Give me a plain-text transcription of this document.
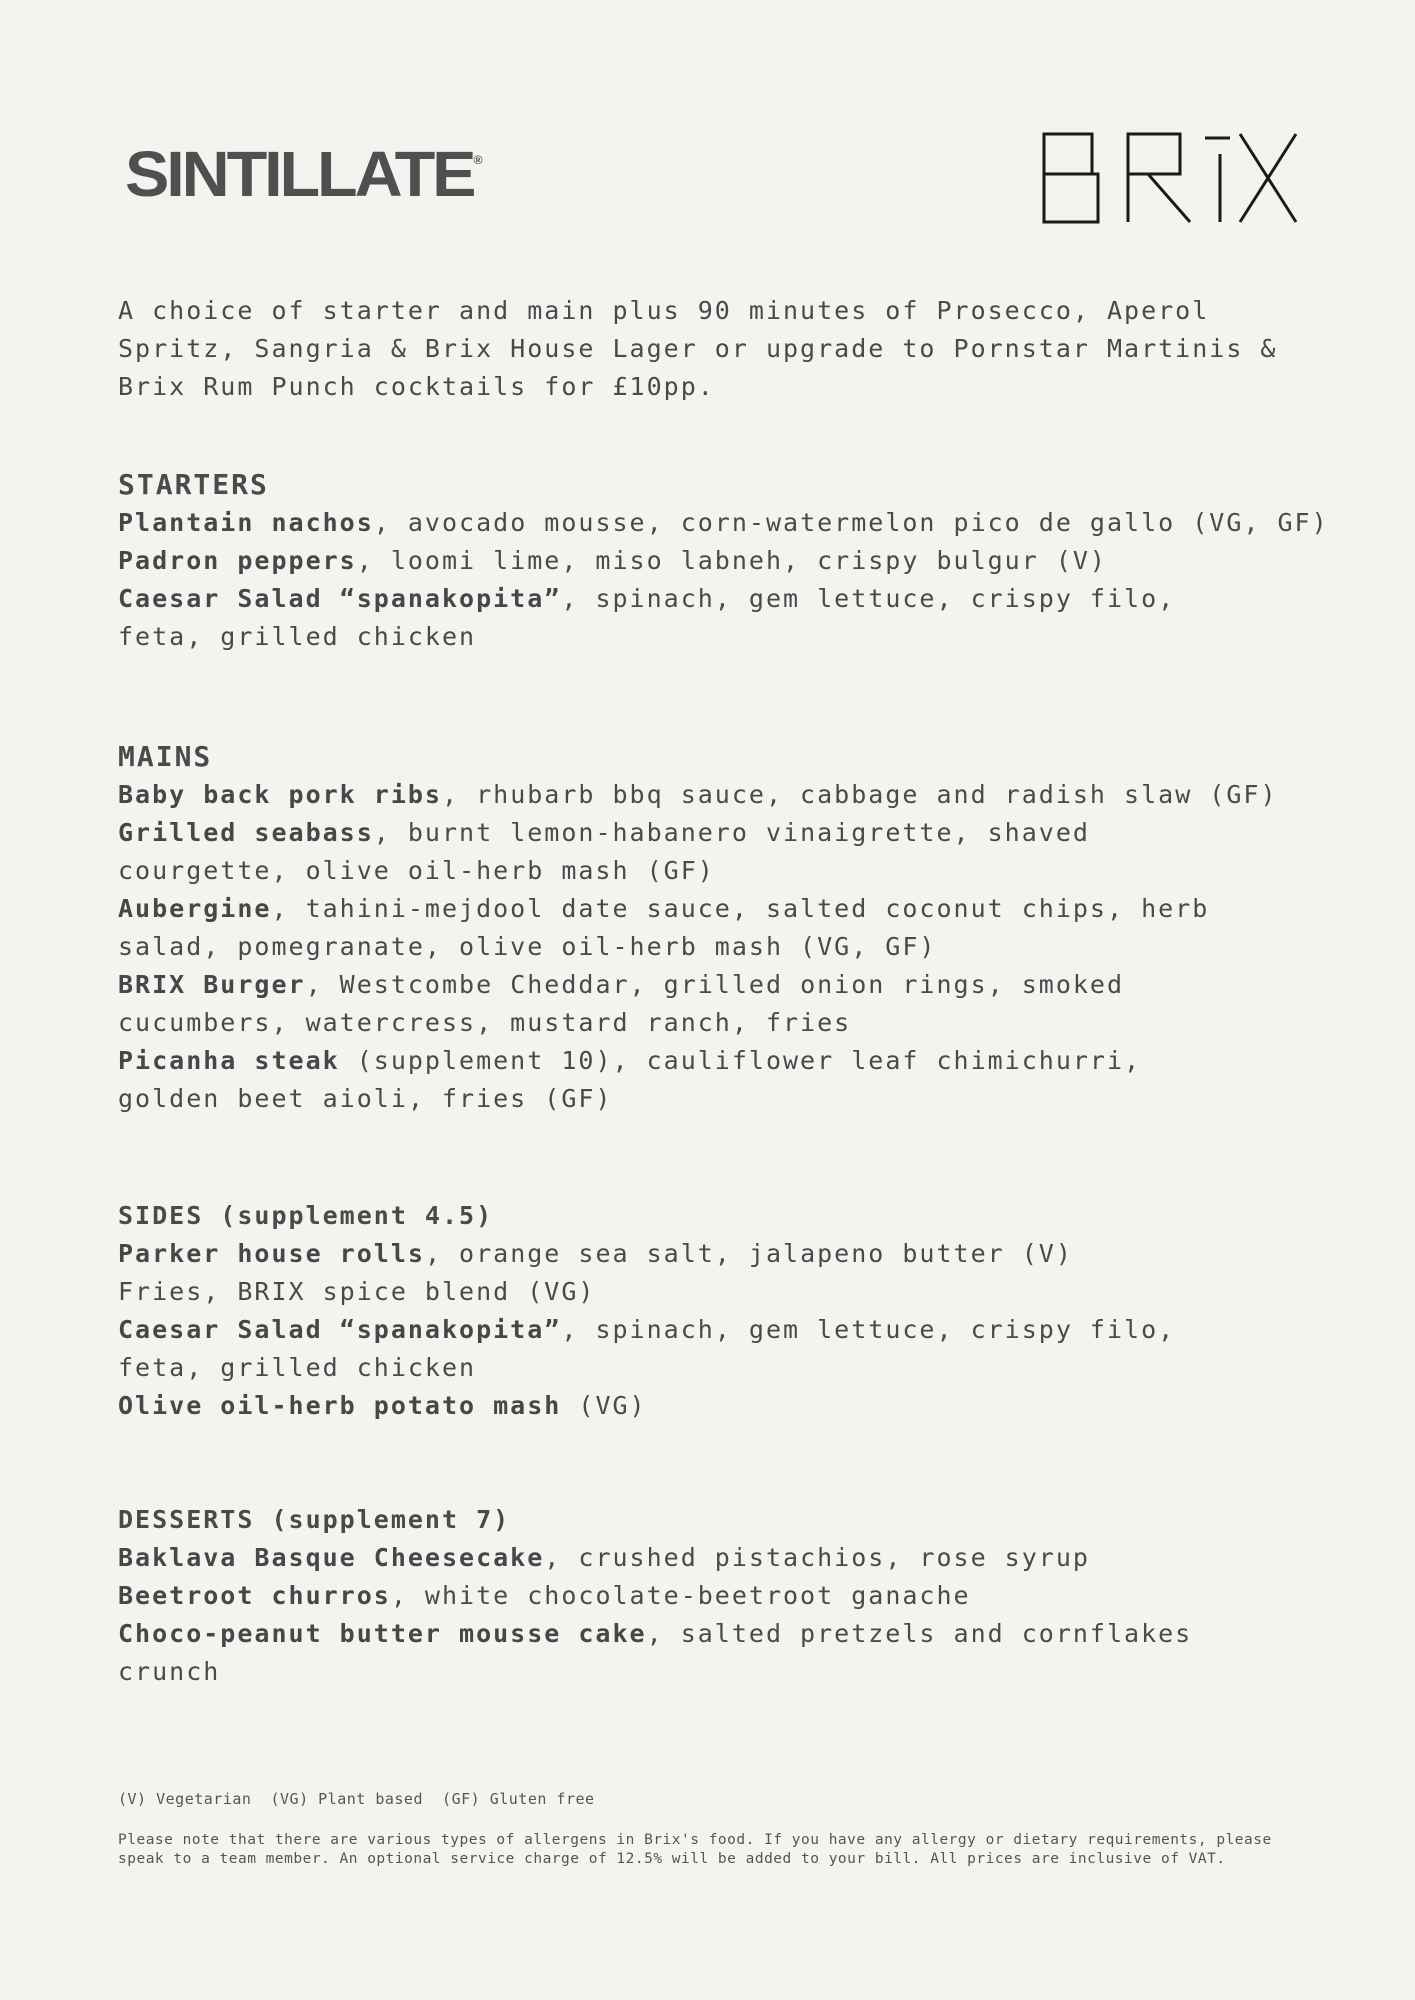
SINTILLATE®
A choice of starter and main plus 90 minutes of Prosecco, Aperol Spritz, Sangria & Brix House Lager or upgrade to Pornstar Martinis & Brix Rum Punch cocktails for £10pp.
STARTERS
Plantain nachos, avocado mousse, corn-watermelon pico de gallo (VG, GF)
Padron peppers, loomi lime, miso labneh, crispy bulgur (V)
Caesar Salad “spanakopita”, spinach, gem lettuce, crispy filo, feta, grilled chicken
MAINS
Baby back pork ribs, rhubarb bbq sauce, cabbage and radish slaw (GF)
Grilled seabass, burnt lemon-habanero vinaigrette, shaved courgette, olive oil-herb mash (GF)
Aubergine, tahini-mejdool date sauce, salted coconut chips, herb salad, pomegranate, olive oil-herb mash (VG, GF)
BRIX Burger, Westcombe Cheddar, grilled onion rings, smoked cucumbers, watercress, mustard ranch, fries
Picanha steak (supplement 10), cauliflower leaf chimichurri, golden beet aioli, fries (GF)
SIDES (supplement 4.5)
Parker house rolls, orange sea salt, jalapeno butter (V)
Fries, BRIX spice blend (VG)
Caesar Salad “spanakopita”, spinach, gem lettuce, crispy filo, feta, grilled chicken
Olive oil-herb potato mash (VG)
DESSERTS (supplement 7)
Baklava Basque Cheesecake, crushed pistachios, rose syrup
Beetroot churros, white chocolate-beetroot ganache
Choco-peanut butter mousse cake, salted pretzels and cornflakes crunch
(V) Vegetarian  (VG) Plant based  (GF) Gluten free
Please note that there are various types of allergens in Brix's food. If you have any allergy or dietary requirements, please speak to a team member. An optional service charge of 12.5% will be added to your bill. All prices are inclusive of VAT.
